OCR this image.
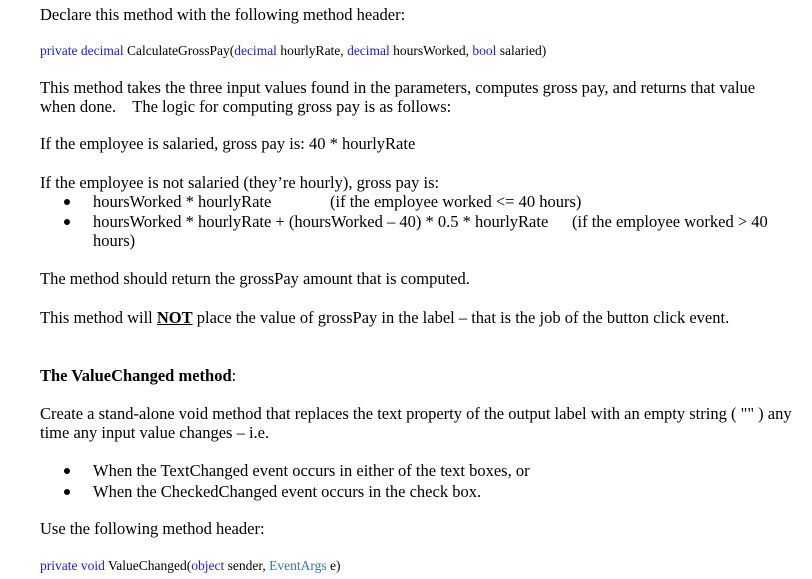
Declare this method with the following method header:
private decimal CalculateGrossPay(decimal hourlyRate, decimal hoursWorked, bool salaried)
This method takes the three input values found in the parameters, computes gross pay, and returns that value
when done.    The logic for computing gross pay is as follows:
If the employee is salaried, gross pay is: 40 * hourlyRate
If the employee is not salaried (they’re hourly), gross pay is:
hoursWorked * hourlyRate	(if the employee worked <= 40 hours)
hoursWorked * hourlyRate + (hoursWorked – 40) * 0.5 * hourlyRate (if the employee worked > 40
hours)
The method should return the grossPay amount that is computed.
This method will NOT place the value of grossPay in the label – that is the job of the button click event.
The ValueChanged method:
Create a stand-alone void method that replaces the text property of the output label with an empty string ( "" ) any
time any input value changes – i.e.
When the TextChanged event occurs in either of the text boxes, or
When the CheckedChanged event occurs in the check box.
Use the following method header:
private void ValueChanged(object sender, EventArgs e)
